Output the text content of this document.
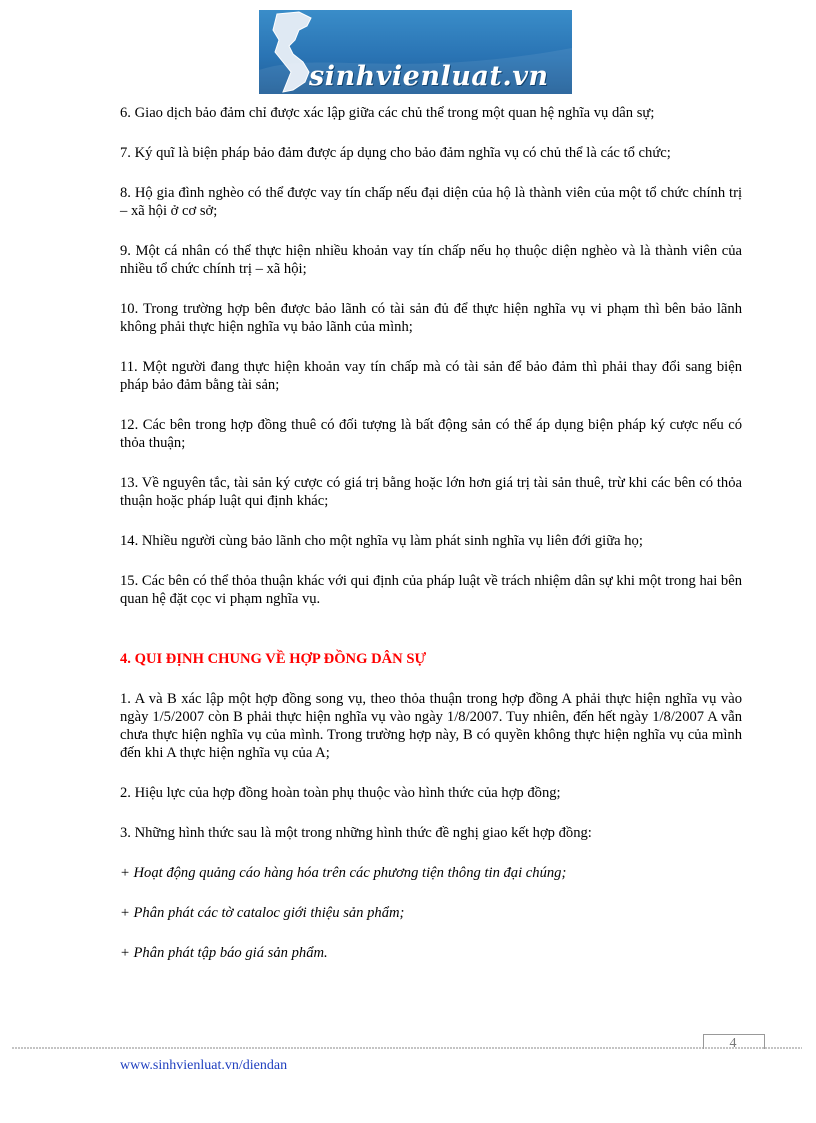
sinhvienluat.vn

6. Giao dịch bảo đảm chỉ được xác lập giữa các chủ thể trong một quan hệ nghĩa vụ dân sự;

7. Ký quĩ là biện pháp bảo đảm được áp dụng cho bảo đảm nghĩa vụ có chủ thể là các tổ chức;

8. Hộ gia đình nghèo có thể được vay tín chấp nếu đại diện của hộ là thành viên của một tổ chức chính trị – xã hội ở cơ sở;

9. Một cá nhân có thể thực hiện nhiều khoản vay tín chấp nếu họ thuộc diện nghèo và là thành viên của nhiều tổ chức chính trị – xã hội;

10. Trong trường hợp bên được bảo lãnh có tài sản đủ để thực hiện nghĩa vụ vi phạm thì bên bảo lãnh không phải thực hiện nghĩa vụ bảo lãnh của mình;

11. Một người đang thực hiện khoản vay tín chấp mà có tài sản để bảo đảm thì phải thay đổi sang biện pháp bảo đảm bằng tài sản;

12. Các bên trong hợp đồng thuê có đối tượng là bất động sản có thể áp dụng biện pháp ký cược nếu có thỏa thuận;

13. Về nguyên tắc, tài sản ký cược có giá trị bằng hoặc lớn hơn giá trị tài sản thuê, trừ khi các bên có thỏa thuận hoặc pháp luật qui định khác;

14. Nhiều người cùng bảo lãnh cho một nghĩa vụ làm phát sinh nghĩa vụ liên đới giữa họ;

15. Các bên có thể thỏa thuận khác với qui định của pháp luật về trách nhiệm dân sự khi một trong hai bên quan hệ đặt cọc vi phạm nghĩa vụ.

4. QUI ĐỊNH CHUNG VỀ HỢP ĐỒNG DÂN SỰ

1. A và B xác lập một hợp đồng song vụ, theo thỏa thuận trong hợp đồng A phải thực hiện nghĩa vụ vào ngày 1/5/2007 còn B phải thực hiện nghĩa vụ vào ngày 1/8/2007. Tuy nhiên, đến hết ngày 1/8/2007 A vẫn chưa thực hiện nghĩa vụ của mình. Trong trường hợp này, B có quyền không thực hiện nghĩa vụ của mình đến khi A thực hiện nghĩa vụ của A;

2. Hiệu lực của hợp đồng hoàn toàn phụ thuộc vào hình thức của hợp đồng;

3. Những hình thức sau là một trong những hình thức đề nghị giao kết hợp đồng:

+ Hoạt động quảng cáo hàng hóa trên các phương tiện thông tin đại chúng;

+ Phân phát các tờ cataloc giới thiệu sản phẩm;

+ Phân phát tập báo giá sản phẩm.

4
www.sinhvienluat.vn/diendan
